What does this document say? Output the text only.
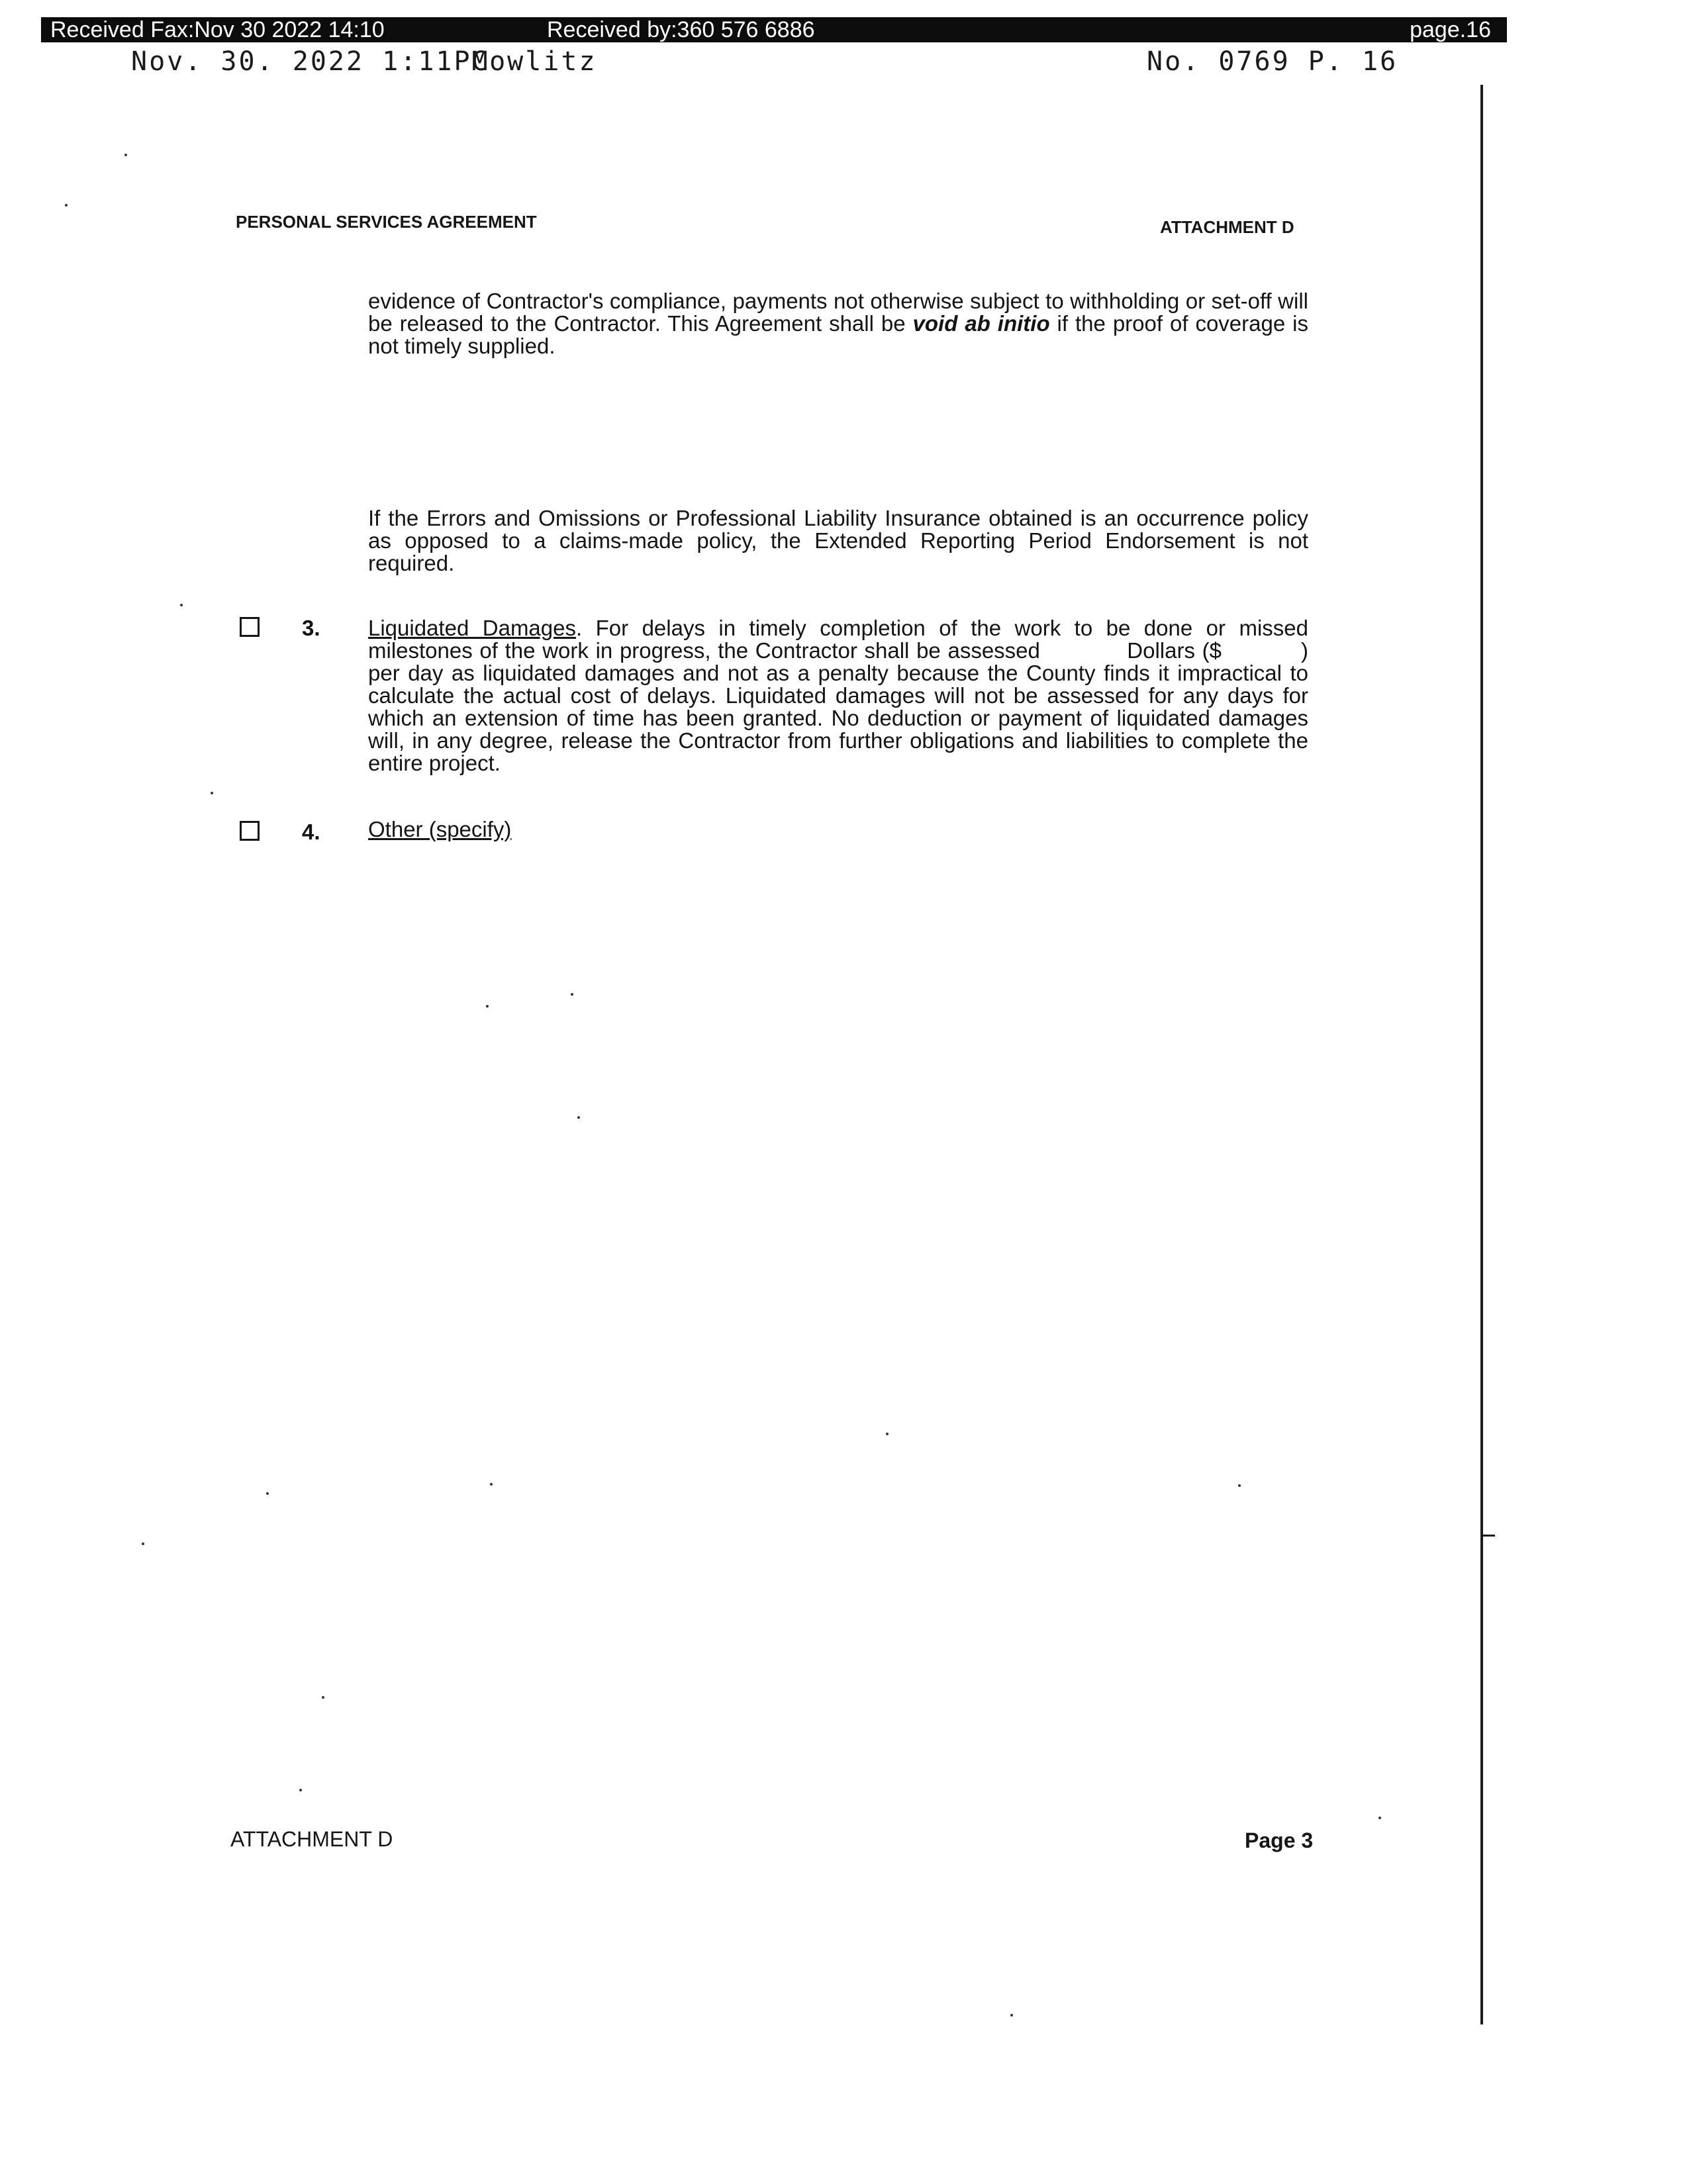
Received Fax:Nov 30 2022 14:10	Received by:360 576 6886	page.16
Nov. 30. 2022 1:11PM
Cowlitz	No. 0769 P. 16
PERSONAL SERVICES AGREEMENT	ATTACHMENT D
evidence of Contractor's compliance, payments not otherwise subject to withholding or set-off will be released to the Contractor. This Agreement shall be void ab initio if the proof of coverage is not timely supplied.
If the Errors and Omissions or Professional Liability Insurance obtained is an occurrence policy as opposed to a claims-made policy, the Extended Reporting Period Endorsement is not required.
3. Liquidated Damages. For delays in timely completion of the work to be done or missed milestones of the work in progress, the Contractor shall be assessed	Dollars ($	) per day as liquidated damages and not as a penalty because the County finds it impractical to calculate the actual cost of delays. Liquidated damages will not be assessed for any days for which an extension of time has been granted. No deduction or payment of liquidated damages will, in any degree, release the Contractor from further obligations and liabilities to complete the entire project.
4. Other (specify)
ATTACHMENT D	Page 3
